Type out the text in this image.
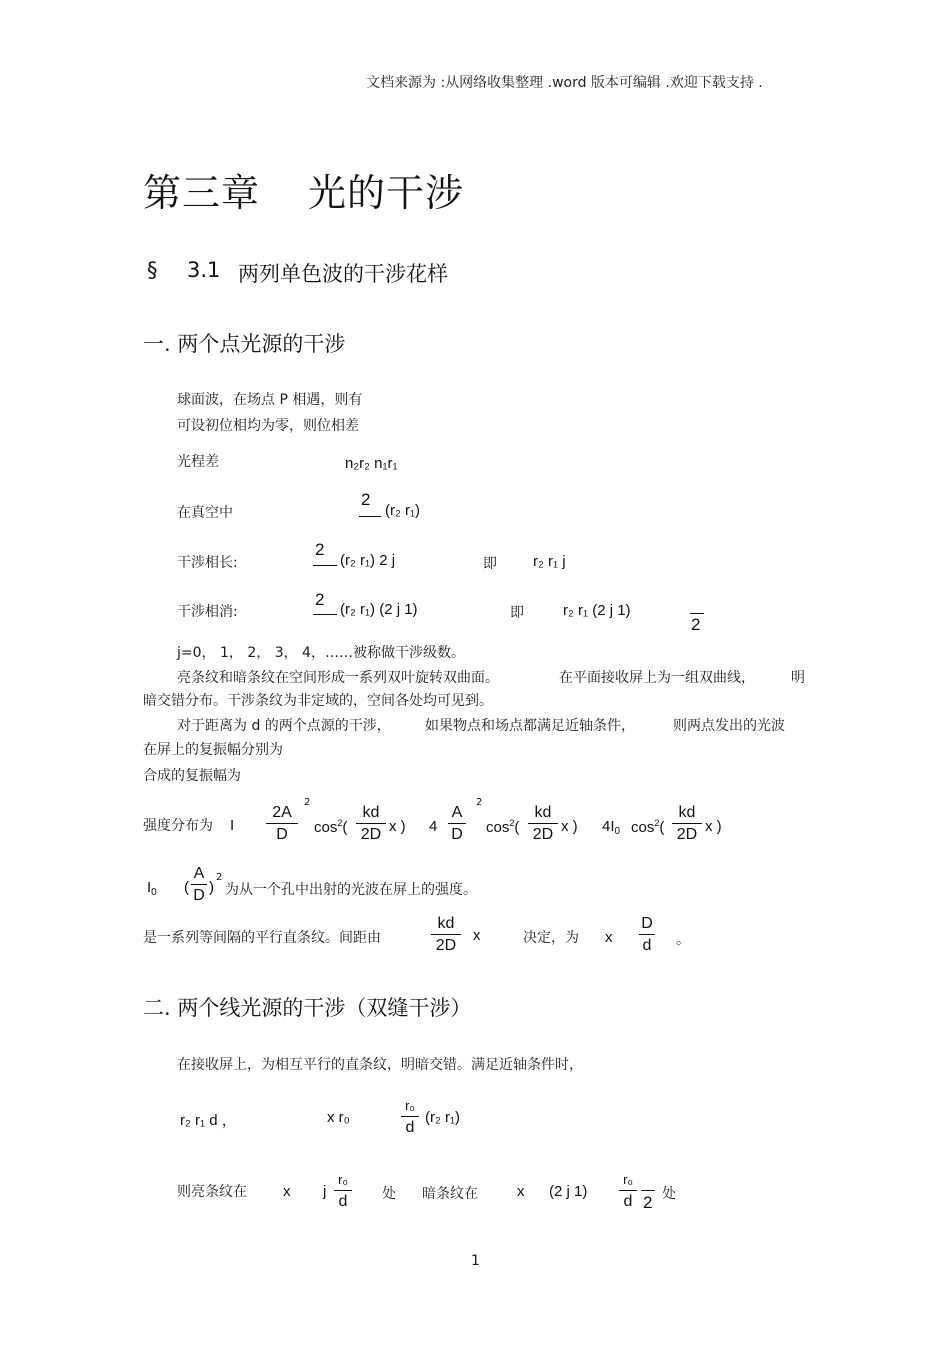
文档来源为 :从网络收集整理 .word 版本可编辑 .欢迎下载支持 .
第三章 光的干涉
§ 3.1 两列单色波的干涉花样
一. 两个点光源的干涉
球面波，在场点 P 相遇，则有
可设初位相均为零，则位相差
光程差	n₂r₂ n₁r₁
在真空中
2
(r₂ r₁)
干涉相长:
2
(r₂ r₁) 2 j	即 r₂ r₁ j
干涉相消:
2
(r₂ r₁) (2 j 1)	即	r₂ r₁ (2 j 1)
2
j=0， 1， 2， 3， 4，……被称做干涉级数。
亮条纹和暗条纹在空间形成一系列双叶旋转双曲面。	在平面接收屏上为一组双曲线，	明
暗交错分布。干涉条纹为非定域的，空间各处均可见到。
对于距离为 d 的两个点源的干涉， 如果物点和场点都满足近轴条件，	则两点发出的光波
在屏上的复振幅分别为
合成的复振幅为
强度分布为 I
2A
D
2
$\cos^2$(
kd
2D x ) 4
A
D
2
$\cos^2$(
kd
2D x ) $4I_0$ $\cos^2$(
kd
2D x )
$I_0$ (
A
D )
2
为从一个孔中出射的光波在屏上的强度。
是一系列等间隔的平行直条纹。间距由
kd
2D
x	决定，为 x
D
d 。
二. 两个线光源的干涉（双缝干涉）
在接收屏上，为相互平行的直条纹，明暗交错。满足近轴条件时，
r₂ r₁ d ，	x r₀
r₀
d
(r₂ r₁)
则亮条纹在 x j
r₀
d 处 暗条纹在	x (2 j 1)
r₀
d 2 处
1
